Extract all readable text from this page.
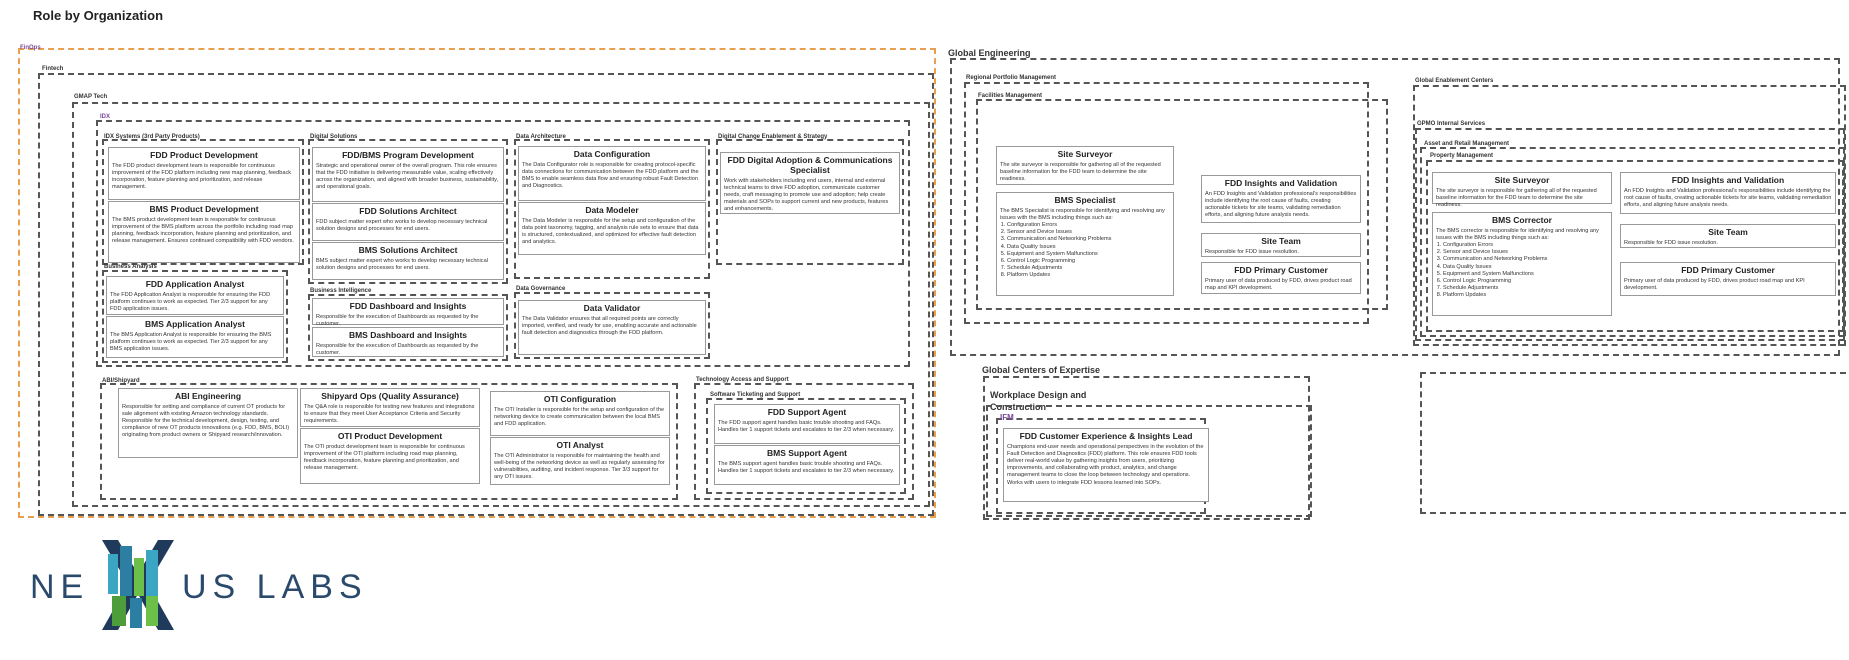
Role by Organization
FinOps
Fintech
GMAP Tech
IDX
IDX Systems (3rd Party Products)
FDD Product Development
The FDD product development team is responsible for continuous improvement of the FDD platform including new map planning, feedback incorporation, feature planning and prioritization, and release management.
BMS Product Development
The BMS product development team is responsible for continuous improvement of the BMS platform across the portfolio including road map planning, feedback incorporation, feature planning and prioritization, and release management. Ensures continued compatibility with FDD vendors.
Digital Solutions
FDD/BMS Program Development
Strategic and operational owner of the overall program. This role ensures that the FDD initiative is delivering measurable value, scaling effectively across the organization, and aligned with broader business, sustainability, and operational goals.
FDD Solutions Architect
FDD subject matter expert who works to develop necessary technical solution designs and processes for end users.
BMS Solutions Architect
BMS subject matter expert who works to develop necessary technical solution designs and processes for end users.
Data Architecture
Data Configuration
The Data Configurator role is responsible for creating protocol-specific data connections for communication between the FDD platform and the BMS to enable seamless data flow and ensuring robust Fault Detection and Diagnostics.
Data Modeler
The Data Modeler is responsible for the setup and configuration of the data point taxonomy, tagging, and analysis rule sets to ensure that data is structured, contextualized, and optimized for effective fault detection and analytics.
Digital Change Enablement & Strategy
FDD Digital Adoption & Communications Specialist
Work with stakeholders including end users, internal and external technical teams to drive FDD adoption, communicate customer needs, craft messaging to promote use and adoption; help create materials and SOPs to support current and new products, features and enhancements.
Business Analysis
FDD Application Analyst
The FDD Application Analyst is responsible for ensuring the FDD platform continues to work as expected. Tier 2/3 support for any FDD application issues.
BMS Application Analyst
The BMS Application Analyst is responsible for ensuring the BMS platform continues to work as expected. Tier 2/3 support for any BMS application issues.
Business Intelligence
FDD Dashboard and Insights
Responsible for the execution of Dashboards as requested by the customer.
BMS Dashboard and Insights
Responsible for the execution of Dashboards as requested by the customer.
Data Governance
Data Validator
The Data Validator ensures that all required points are correctly imported, verified, and ready for use, enabling accurate and actionable fault detection and diagnostics through the FDD platform.
ABI/Shipyard
ABI Engineering
Responsible for setting and compliance of current OT products for sale alignment with existing Amazon technology standards. Responsible for the technical development, design, testing, and compliance of new OT products innovations (e.g. FDD, BMS, BOLI) originating from product owners or Shipyard research/innovation.
Shipyard Ops (Quality Assurance)
The Q&A role is responsible for testing new features and integrations to ensure that they meet User Acceptance Criteria and Security requirements.
OTI Product Development
The OTI product development team is responsible for continuous improvement of the OTI platform including road map planning, feedback incorporation, feature planning and prioritization, and release management.
OTI Configuration
The OTI Installer is responsible for the setup and configuration of the networking device to create communication between the local BMS and FDD application.
OTI Analyst
The OTI Administrator is responsible for maintaining the health and well-being of the networking device as well as regularly assessing for vulnerabilities, auditing, and incident response. Tier 3/3 support for any OTI issues.
Technology Access and Support
Software Ticketing and Support
FDD Support Agent
The FDD support agent handles basic trouble shooting and FAQs. Handles tier 1 support tickets and escalates to tier 2/3 when necessary.
BMS Support Agent
The BMS support agent handles basic trouble shooting and FAQs. Handles tier 1 support tickets and escalates to tier 2/3 when necessary.
Global Engineering
Regional Portfolio Management
Facilities Management
Site Surveyor
The site surveyor is responsible for gathering all of the requested baseline information for the FDD team to determine the site readiness.
BMS Specialist
The BMS Specialist is responsible for identifying and resolving any issues with the BMS including things such as:
1. Configuration Errors
2. Sensor and Device Issues
3. Communication and Networking Problems
4. Data Quality Issues
5. Equipment and System Malfunctions
6. Control Logic Programming
7. Schedule Adjustments
8. Platform Updates
FDD Insights and Validation
An FDD Insights and Validation professional's responsibilities include identifying the root cause of faults, creating actionable tickets for site teams, validating remediation efforts, and aligning future analysis needs.
Site Team
Responsible for FDD issue resolution.
FDD Primary Customer
Primary user of data produced by FDD, drives product road map and KPI development.
Global Enablement Centers
GPMO Internal Services
Asset and Retail Management
Property Management
Site Surveyor
The site surveyor is responsible for gathering all of the requested baseline information for the FDD team to determine the site readiness.
BMS Corrector
The BMS corrector is responsible for identifying and resolving any issues with the BMS including things such as:
1. Configuration Errors
2. Sensor and Device Issues
3. Communication and Networking Problems
4. Data Quality Issues
5. Equipment and System Malfunctions
6. Control Logic Programming
7. Schedule Adjustments
8. Platform Updates
FDD Insights and Validation
An FDD Insights and Validation professional's responsibilities include identifying the root cause of faults, creating actionable tickets for site teams, validating remediation efforts, and aligning future analysis needs.
Site Team
Responsible for FDD issue resolution.
FDD Primary Customer
Primary user of data produced by FDD, drives product road map and KPI development.
Global Centers of Expertise
Workplace Design and Construction
IFM
FDD Customer Experience & Insights Lead
Champions end-user needs and operational perspectives in the evolution of the Fault Detection and Diagnostics (FDD) platform. This role ensures FDD tools deliver real-world value by gathering insights from users, prioritizing improvements, and collaborating with product, analytics, and change management teams to close the loop between technology and operations. Works with users to integrate FDD lessons learned into SOPs.
NE	US LABS
